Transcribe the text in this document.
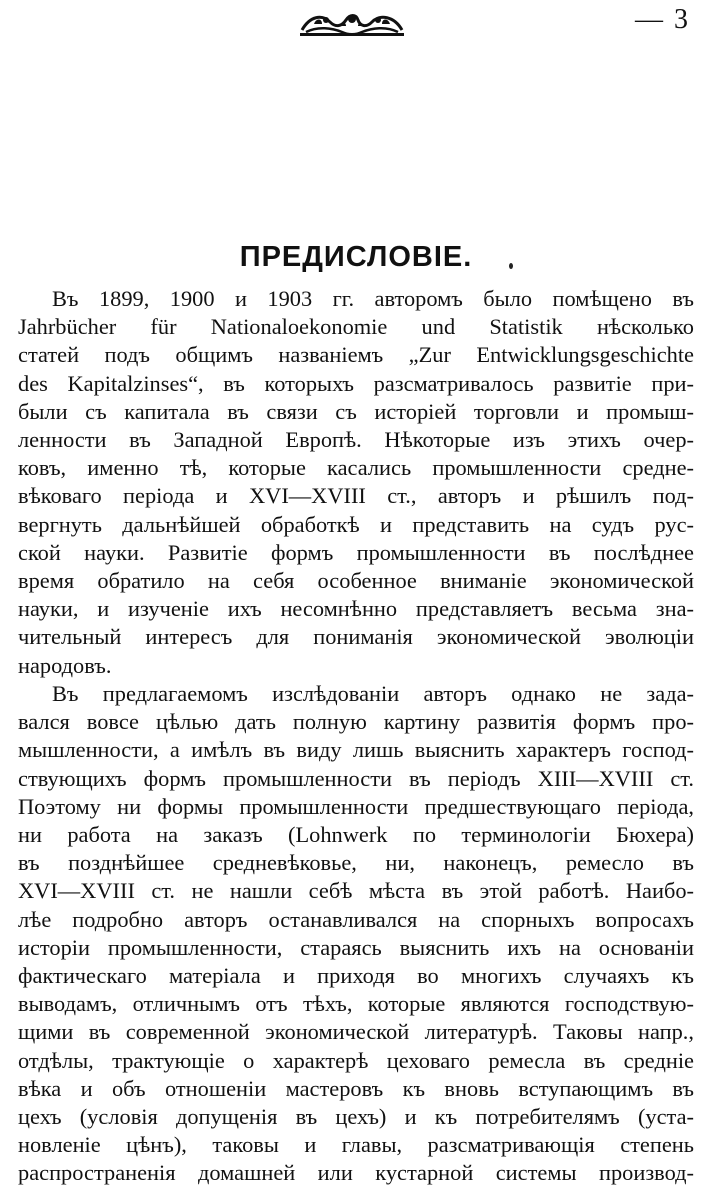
— 3
ПРЕДИСЛОВІЕ.

Въ 1899, 1900 и 1903 гг. авторомъ было помѣщено въ
Jahrbücher für Nationaloekonomie und Statistik нѣсколько
статей подъ общимъ названіемъ „Zur Entwicklungsgeschichte
des Kapitalzinses“, въ которыхъ разсматривалось развитіе при-
были съ капитала въ связи съ исторіей торговли и промыш-
ленности въ Западной Европѣ. Нѣкоторые изъ этихъ очер-
ковъ, именно тѣ, которые касались промышленности средне-
вѣковаго періода и XVI—XVIII ст., авторъ и рѣшилъ под-
вергнуть дальнѣйшей обработкѣ и представить на судъ рус-
ской науки. Развитіе формъ промышленности въ послѣднее
время обратило на себя особенное вниманіе экономической
науки, и изученіе ихъ несомнѣнно представляетъ весьма зна-
чительный интересъ для пониманія экономической эволюціи
народовъ.

Въ предлагаемомъ изслѣдованіи авторъ однако не зада-
вался вовсе цѣлью дать полную картину развитія формъ про-
мышленности, а имѣлъ въ виду лишь выяснить характеръ господ-
ствующихъ формъ промышленности въ періодъ XIII—XVIII ст.
Поэтому ни формы промышленности предшествующаго періода,
ни работа на заказъ (Lohnwerk по терминологіи Бюхера)
въ позднѣйшее средневѣковье, ни, наконецъ, ремесло въ
XVI—XVIII ст. не нашли себѣ мѣста въ этой работѣ. Наибо-
лѣе подробно авторъ останавливался на спорныхъ вопросахъ
исторіи промышленности, стараясь выяснить ихъ на основаніи
фактическаго матеріала и приходя во многихъ случаяхъ къ
выводамъ, отличнымъ отъ тѣхъ, которые являются господствую-
щими въ современной экономической литературѣ. Таковы напр.,
отдѣлы, трактующіе о характерѣ цеховаго ремесла въ средніе
вѣка и объ отношеніи мастеровъ къ вновь вступающимъ въ
цехъ (условія допущенія въ цехъ) и къ потребителямъ (уста-
новленіе цѣнъ), таковы и главы, разсматривающія степень
распространенія домашней или кустарной системы производ-
